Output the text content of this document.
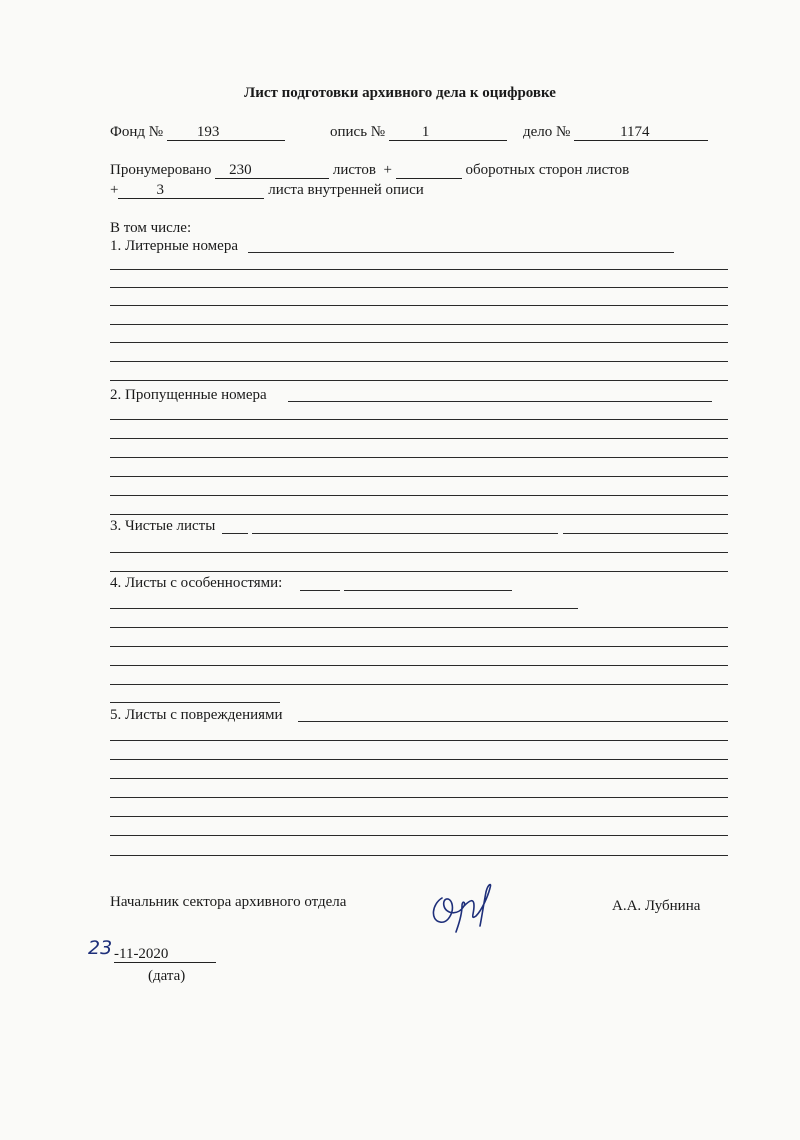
Лист подготовки архивного дела к оцифровке
Фонд № 193	опись № 1	дело №	1174
Пронумеровано 230	листов +	оборотных сторон листов
+	3	листа внутренней описи
В том числе:
1. Литерные номера
2. Пропущенные номера
3. Чистые листы
4. Листы с особенностями:
5. Листы с повреждениями
Начальник сектора архивного отдела	А.А. Лубнина
23 -11-2020
(дата)
